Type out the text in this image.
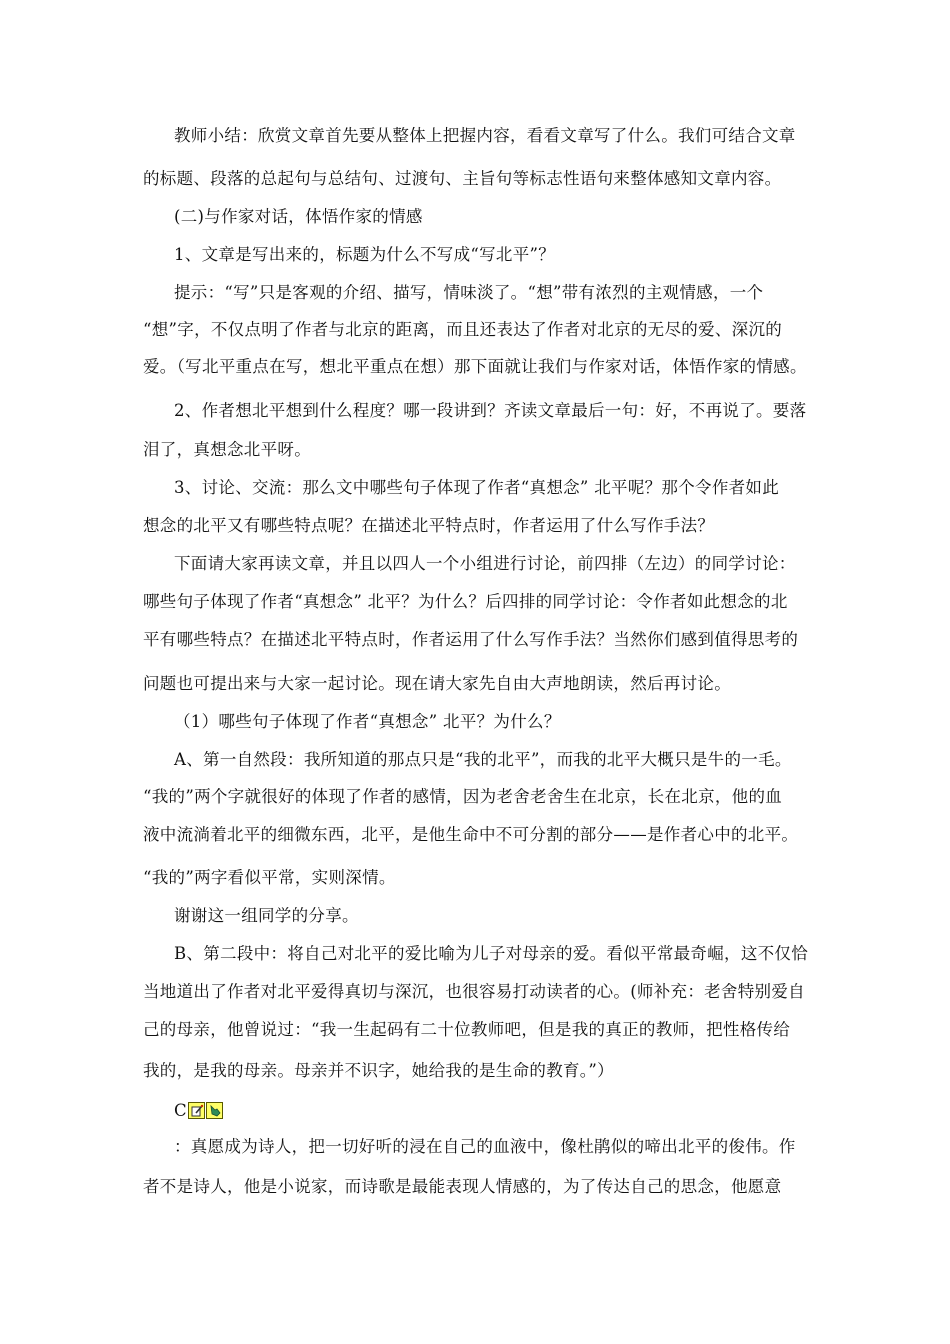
教师小结：欣赏文章首先要从整体上把握内容，看看文章写了什么。我们可结合文章
的标题、段落的总起句与总结句、过渡句、主旨句等标志性语句来整体感知文章内容。
(二)与作家对话，体悟作家的情感
1、文章是写出来的，标题为什么不写成“写北平”？
提示：“写”只是客观的介绍、描写，情味淡了。“想”带有浓烈的主观情感，一个
“想”字，不仅点明了作者与北京的距离，而且还表达了作者对北京的无尽的爱、深沉的
爱。（写北平重点在写，想北平重点在想）那下面就让我们与作家对话，体悟作家的情感。
2、作者想北平想到什么程度？哪一段讲到？齐读文章最后一句：好，不再说了。要落
泪了，真想念北平呀。
3、讨论、交流：那么文中哪些句子体现了作者“真想念” 北平呢？那个令作者如此
想念的北平又有哪些特点呢？在描述北平特点时，作者运用了什么写作手法？
下面请大家再读文章，并且以四人一个小组进行讨论，前四排（左边）的同学讨论：
哪些句子体现了作者“真想念” 北平？为什么？后四排的同学讨论：令作者如此想念的北
平有哪些特点？在描述北平特点时，作者运用了什么写作手法？当然你们感到值得思考的
问题也可提出来与大家一起讨论。现在请大家先自由大声地朗读，然后再讨论。
（1）哪些句子体现了作者“真想念” 北平？为什么？
A、第一自然段：我所知道的那点只是“我的北平”，而我的北平大概只是牛的一毛。
“我的”两个字就很好的体现了作者的感情，因为老舍老舍生在北京，长在北京，他的血
液中流淌着北平的细微东西，北平，是他生命中不可分割的部分——是作者心中的北平。
“我的”两字看似平常，实则深情。
谢谢这一组同学的分享。
B、第二段中：将自己对北平的爱比喻为儿子对母亲的爱。看似平常最奇崛，这不仅恰
当地道出了作者对北平爱得真切与深沉，也很容易打动读者的心。(师补充：老舍特别爱自
己的母亲，他曾说过：“我一生起码有二十位教师吧，但是我的真正的教师，把性格传给
我的，是我的母亲。母亲并不识字，她给我的是生命的教育。”）
C
：真愿成为诗人，把一切好听的浸在自己的血液中，像杜鹃似的啼出北平的俊伟。作
者不是诗人，他是小说家，而诗歌是最能表现人情感的，为了传达自己的思念，他愿意
